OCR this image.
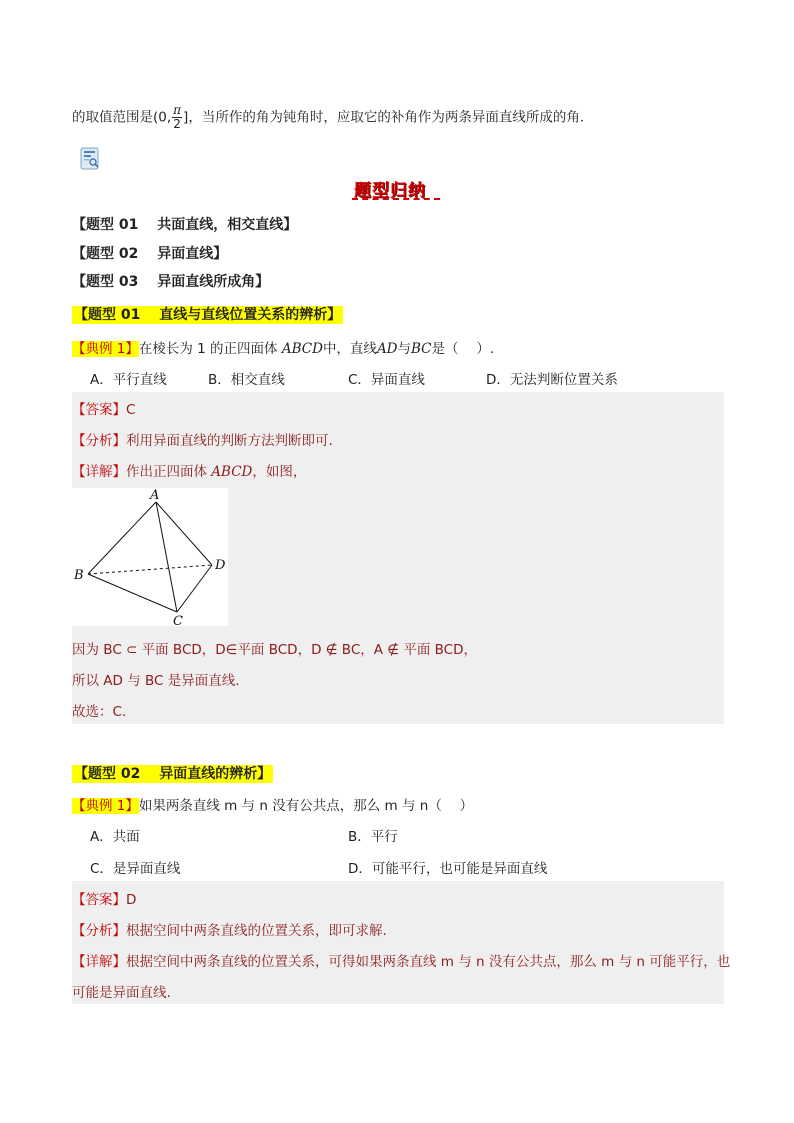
的取值范围是(0, $\frac{\pi}{2}$ ]，当所作的角为钝角时，应取它的补角作为两条异面直线所成的角．
题型归纳
【题型 01　 共面直线，相交直线】
【题型 02　 异面直线】
【题型 03　 异面直线所成角】
【题型 01　 直线与直线位置关系的辨析】
【典例 1】在棱长为 1 的正四面体 ABCD中，直线AD与BC是（　 ）.
A．平行直线	B．相交直线	C．异面直线	D．无法判断位置关系
【答案】C
【分析】利用异面直线的判断方法判断即可.
【详解】作出正四面体 ABCD，如图，
A
B
C
D
因为 BC ⊂ 平面 BCD，D∈平面 BCD，D ∉ BC，A ∉ 平面 BCD，
所以 AD 与 BC 是异面直线.
故选：C.
【题型 02　 异面直线的辨析】
【典例 1】如果两条直线 m 与 n 没有公共点，那么 m 与 n（　 ）
A．共面	B．平行
C．是异面直线	D．可能平行，也可能是异面直线
【答案】D
【分析】根据空间中两条直线的位置关系，即可求解.
【详解】根据空间中两条直线的位置关系，可得如果两条直线 m 与 n 没有公共点，那么 m 与 n 可能平行，也
可能是异面直线.
